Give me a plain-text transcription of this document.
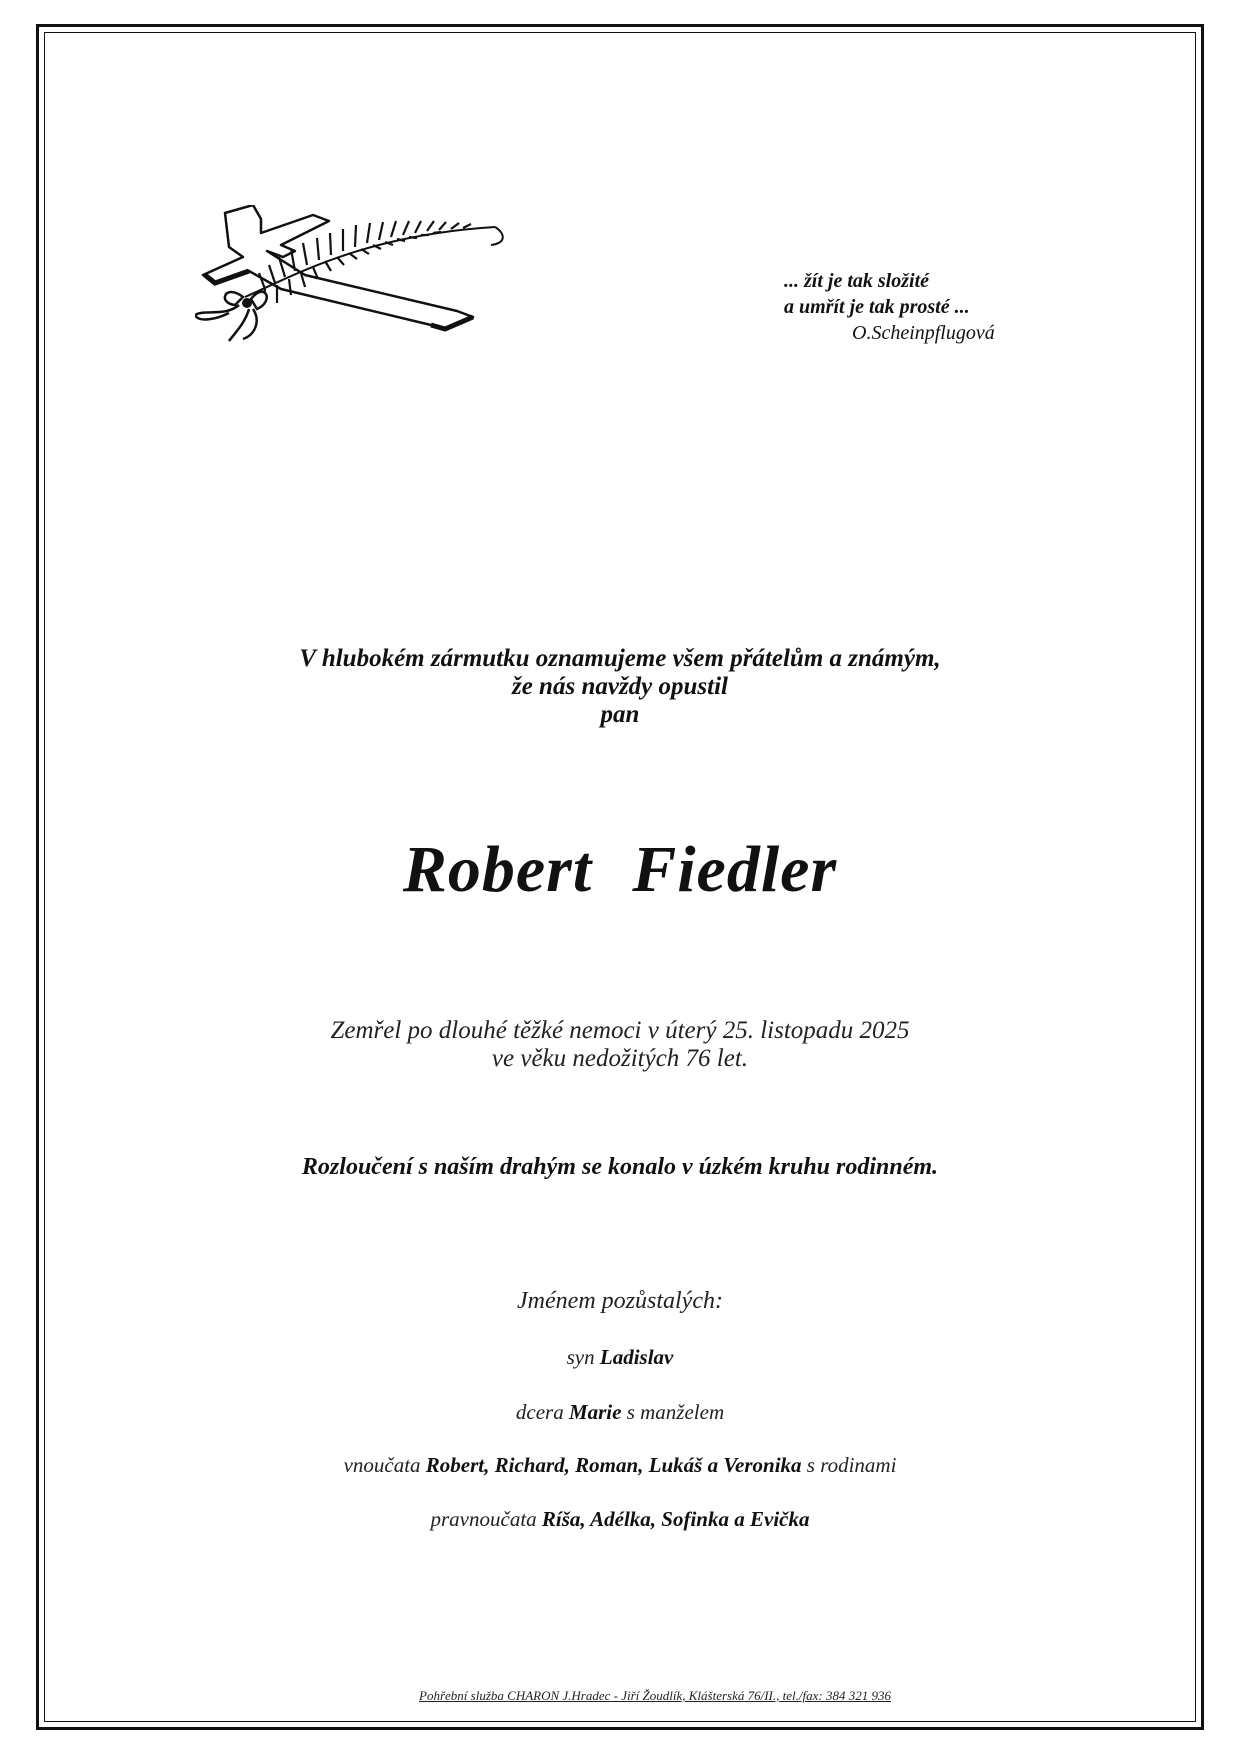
... žít je tak složité
a umřít je tak prosté ...
O.Scheinpflugová
V hlubokém zármutku oznamujeme všem přátelům a známým,
že nás navždy opustil
pan
Robert Fiedler
Zemřel po dlouhé těžké nemoci v úterý 25. listopadu 2025
ve věku nedožitých 76 let.
Rozloučení s naším drahým se konalo v úzkém kruhu rodinném.
Jménem pozůstalých:
syn Ladislav
dcera Marie s manželem
vnoučata Robert, Richard, Roman, Lukáš a Veronika s rodinami
pravnoučata Ríša, Adélka, Sofinka a Evička
Pohřební služba CHARON J.Hradec - Jiří Žoudlík, Klášterská 76/II., tel./fax: 384 321 936
